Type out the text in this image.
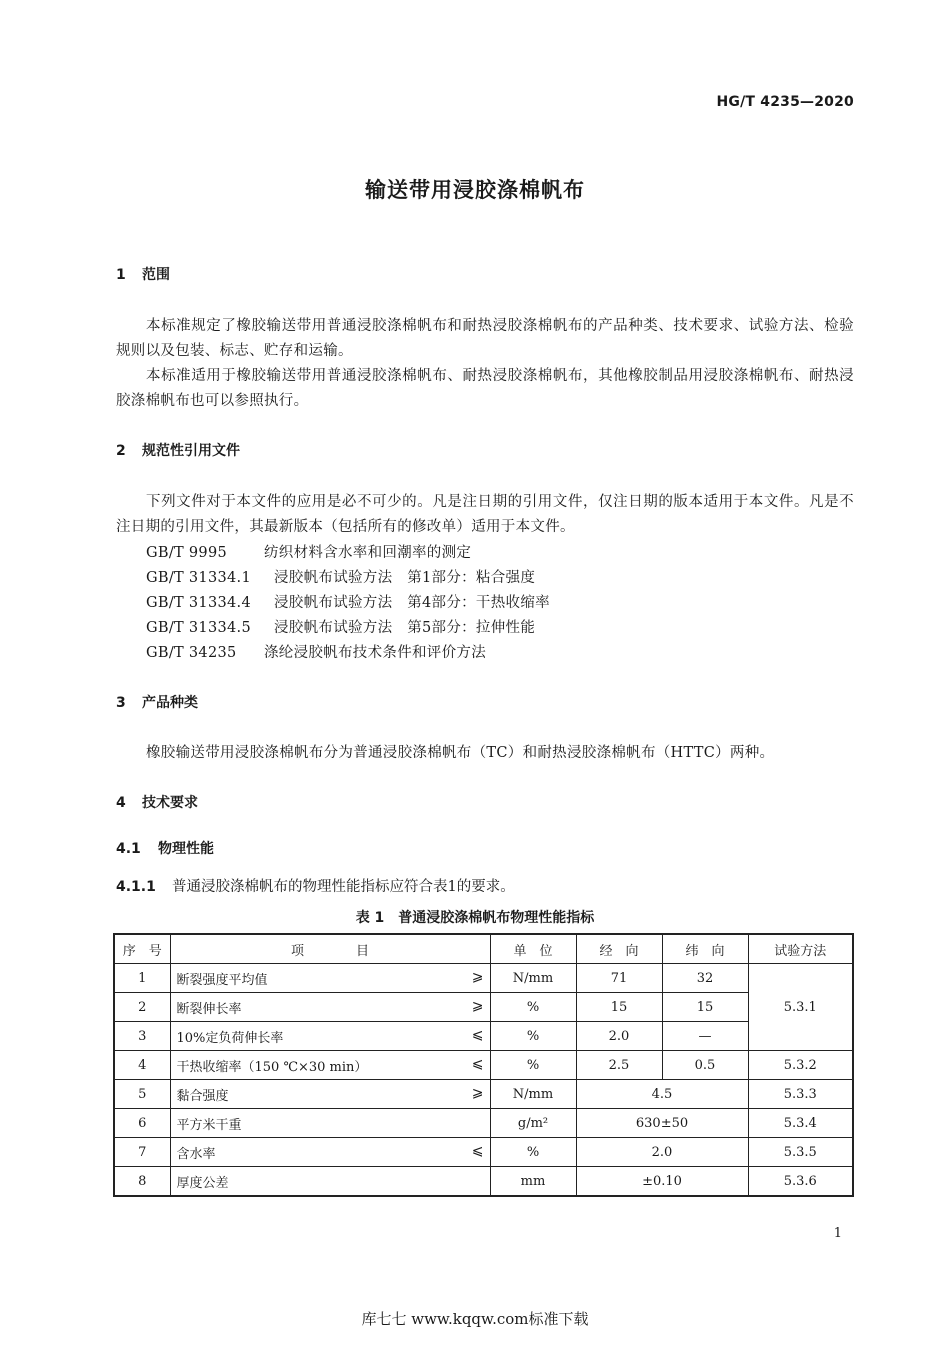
HG/T 4235—2020
输送带用浸胶涤棉帆布
1 范围
本标准规定了橡胶输送带用普通浸胶涤棉帆布和耐热浸胶涤棉帆布的产品种类、技术要求、试验方法、检验规则以及包装、标志、贮存和运输。
本标准适用于橡胶输送带用普通浸胶涤棉帆布、耐热浸胶涤棉帆布，其他橡胶制品用浸胶涤棉帆布、耐热浸胶涤棉帆布也可以参照执行。
2 规范性引用文件
下列文件对于本文件的应用是必不可少的。凡是注日期的引用文件，仅注日期的版本适用于本文件。凡是不注日期的引用文件，其最新版本（包括所有的修改单）适用于本文件。
GB/T 9995	纺织材料含水率和回潮率的测定
GB/T 31334.1 浸胶帆布试验方法　第1部分：粘合强度
GB/T 31334.4 浸胶帆布试验方法　第4部分：干热收缩率
GB/T 31334.5 浸胶帆布试验方法　第5部分：拉伸性能
GB/T 34235 涤纶浸胶帆布技术条件和评价方法
3 产品种类
橡胶输送带用浸胶涤棉帆布分为普通浸胶涤棉帆布（TC）和耐热浸胶涤棉帆布（HTTC）两种。
4 技术要求
4.1 物理性能
4.1.1 普通浸胶涤棉帆布的物理性能指标应符合表1的要求。
表 1　普通浸胶涤棉帆布物理性能指标
序　号	项　　　　目	单　位	经　向	纬　向	试验方法
1	断裂强度平均值 ⩾	N/mm	71	32	5.3.1
2	断裂伸长率 ⩾	%	15	15	
3	10%定负荷伸长率 ⩽	%	2.0	—	
4	干热收缩率（150 ℃×30 min） ⩽	%	2.5	0.5	5.3.2
5	黏合强度 ⩾	N/mm	4.5		5.3.3
6	平方米干重	g/m²	630±50		5.3.4
7	含水率 ⩽	%	2.0		5.3.5
8	厚度公差	mm	±0.10		5.3.6
1
库七七 www.kqqw.com标准下载
